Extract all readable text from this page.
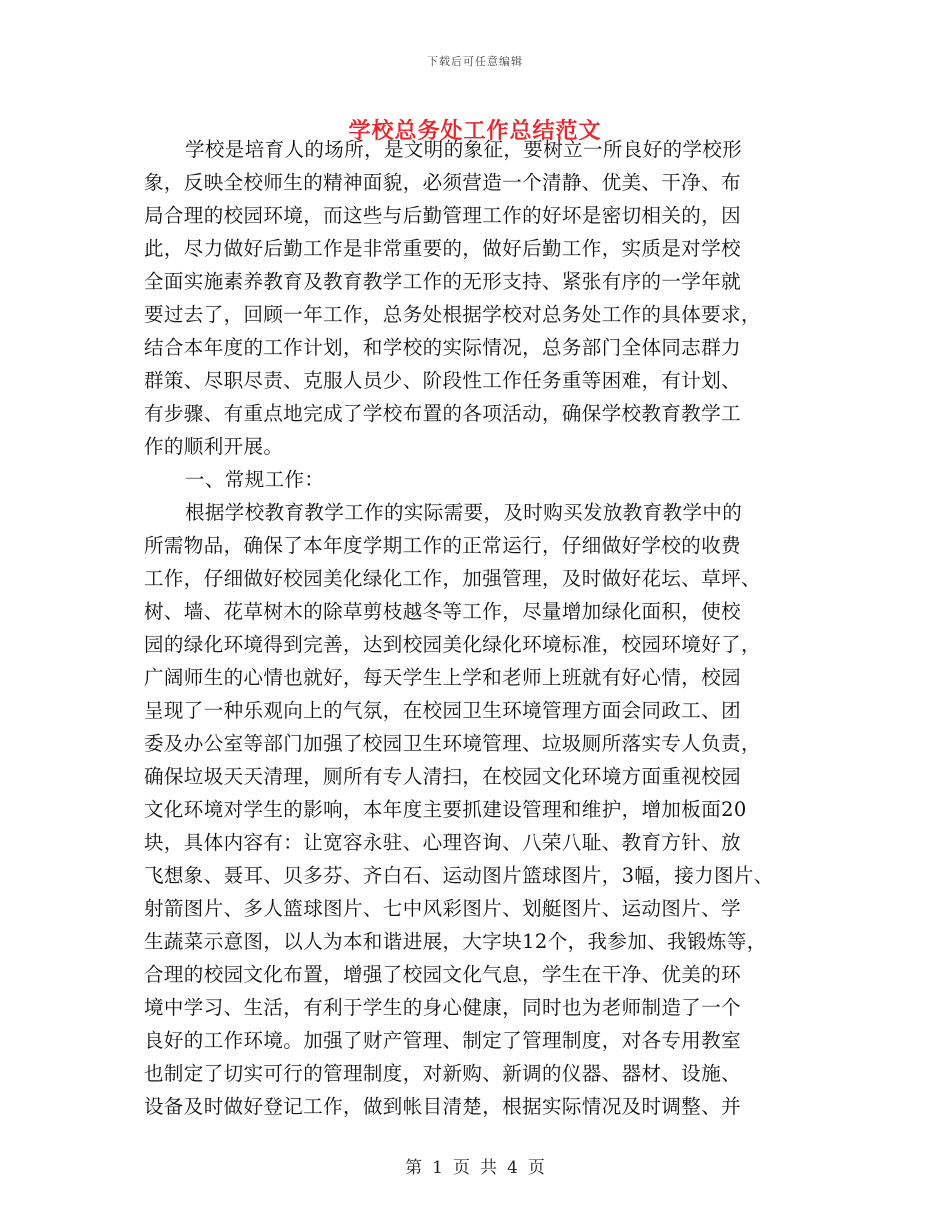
下载后可任意编辑
学校总务处工作总结范文
学校是培育人的场所，是文明的象征，要树立一所良好的学校形
象，反映全校师生的精神面貌，必须营造一个清静、优美、干净、布
局合理的校园环境，而这些与后勤管理工作的好坏是密切相关的，因
此，尽力做好后勤工作是非常重要的，做好后勤工作，实质是对学校
全面实施素养教育及教育教学工作的无形支持、紧张有序的一学年就
要过去了，回顾一年工作，总务处根据学校对总务处工作的具体要求，
结合本年度的工作计划，和学校的实际情况，总务部门全体同志群力
群策、尽职尽责、克服人员少、阶段性工作任务重等困难，有计划、
有步骤、有重点地完成了学校布置的各项活动，确保学校教育教学工
作的顺利开展。
一、常规工作：
根据学校教育教学工作的实际需要，及时购买发放教育教学中的
所需物品，确保了本年度学期工作的正常运行，仔细做好学校的收费
工作，仔细做好校园美化绿化工作，加强管理，及时做好花坛、草坪、
树、墙、花草树木的除草剪枝越冬等工作，尽量增加绿化面积，使校
园的绿化环境得到完善，达到校园美化绿化环境标准，校园环境好了，
广阔师生的心情也就好，每天学生上学和老师上班就有好心情，校园
呈现了一种乐观向上的气氛，在校园卫生环境管理方面会同政工、团
委及办公室等部门加强了校园卫生环境管理、垃圾厕所落实专人负责，
确保垃圾天天清理，厕所有专人清扫，在校园文化环境方面重视校园
文化环境对学生的影响，本年度主要抓建设管理和维护，增加板面20
块，具体内容有：让宽容永驻、心理咨询、八荣八耻、教育方针、放
飞想象、聂耳、贝多芬、齐白石、运动图片篮球图片，3幅，接力图片、
射箭图片、多人篮球图片、七中风彩图片、划艇图片、运动图片、学
生蔬菜示意图，以人为本和谐进展，大字块12个，我参加、我锻炼等，
合理的校园文化布置，增强了校园文化气息，学生在干净、优美的环
境中学习、生活，有利于学生的身心健康，同时也为老师制造了一个
良好的工作环境。加强了财产管理、制定了管理制度，对各专用教室
也制定了切实可行的管理制度，对新购、新调的仪器、器材、设施、
设备及时做好登记工作，做到帐目清楚，根据实际情况及时调整、并
第 1 页 共 4 页
